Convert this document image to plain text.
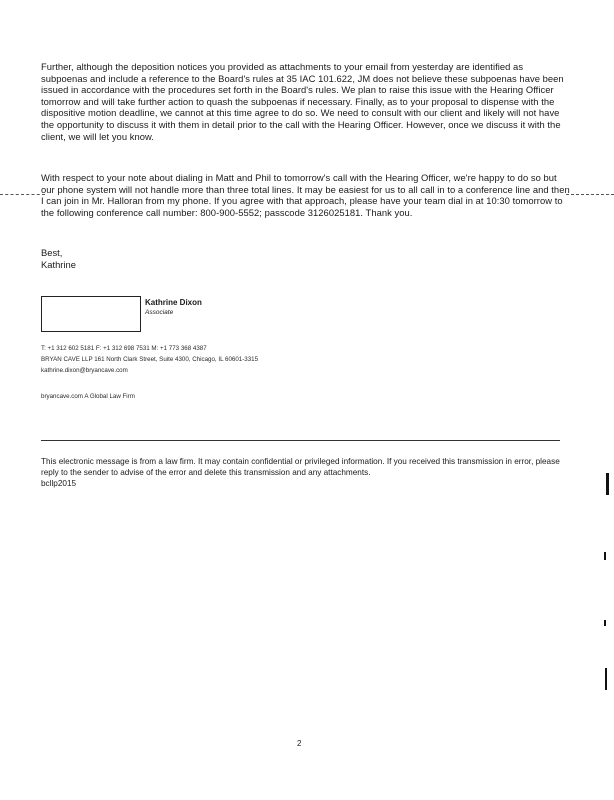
Further, although the deposition notices you provided as attachments to your email from yesterday are identified as subpoenas and include a reference to the Board's rules at 35 IAC 101.622, JM does not believe these subpoenas have been issued in accordance with the procedures set forth in the Board's rules. We plan to raise this issue with the Hearing Officer tomorrow and will take further action to quash the subpoenas if necessary. Finally, as to your proposal to dispense with the dispositive motion deadline, we cannot at this time agree to do so. We need to consult with our client and likely will not have the opportunity to discuss it with them in detail prior to the call with the Hearing Officer. However, once we discuss it with the client, we will let you know.

With respect to your note about dialing in Matt and Phil to tomorrow's call with the Hearing Officer, we're happy to do so but our phone system will not handle more than three total lines. It may be easiest for us to all call in to a conference line and then I can join in Mr. Halloran from my phone. If you agree with that approach, please have your team dial in at 10:30 tomorrow to the following conference call number: 800-900-5552; passcode 3126025181. Thank you.

Best,
Kathrine
Kathrine Dixon
Associate
T: +1 312 602 5181 F: +1 312 698 7531 M: +1 773 368 4387
BRYAN CAVE LLP 161 North Clark Street, Suite 4300, Chicago, IL 60601-3315
kathrine.dixon@bryancave.com
bryancave.com A Global Law Firm

This electronic message is from a law firm. It may contain confidential or privileged information. If you received this transmission in error, please reply to the sender to advise of the error and delete this transmission and any attachments.
bcllp2015

2
